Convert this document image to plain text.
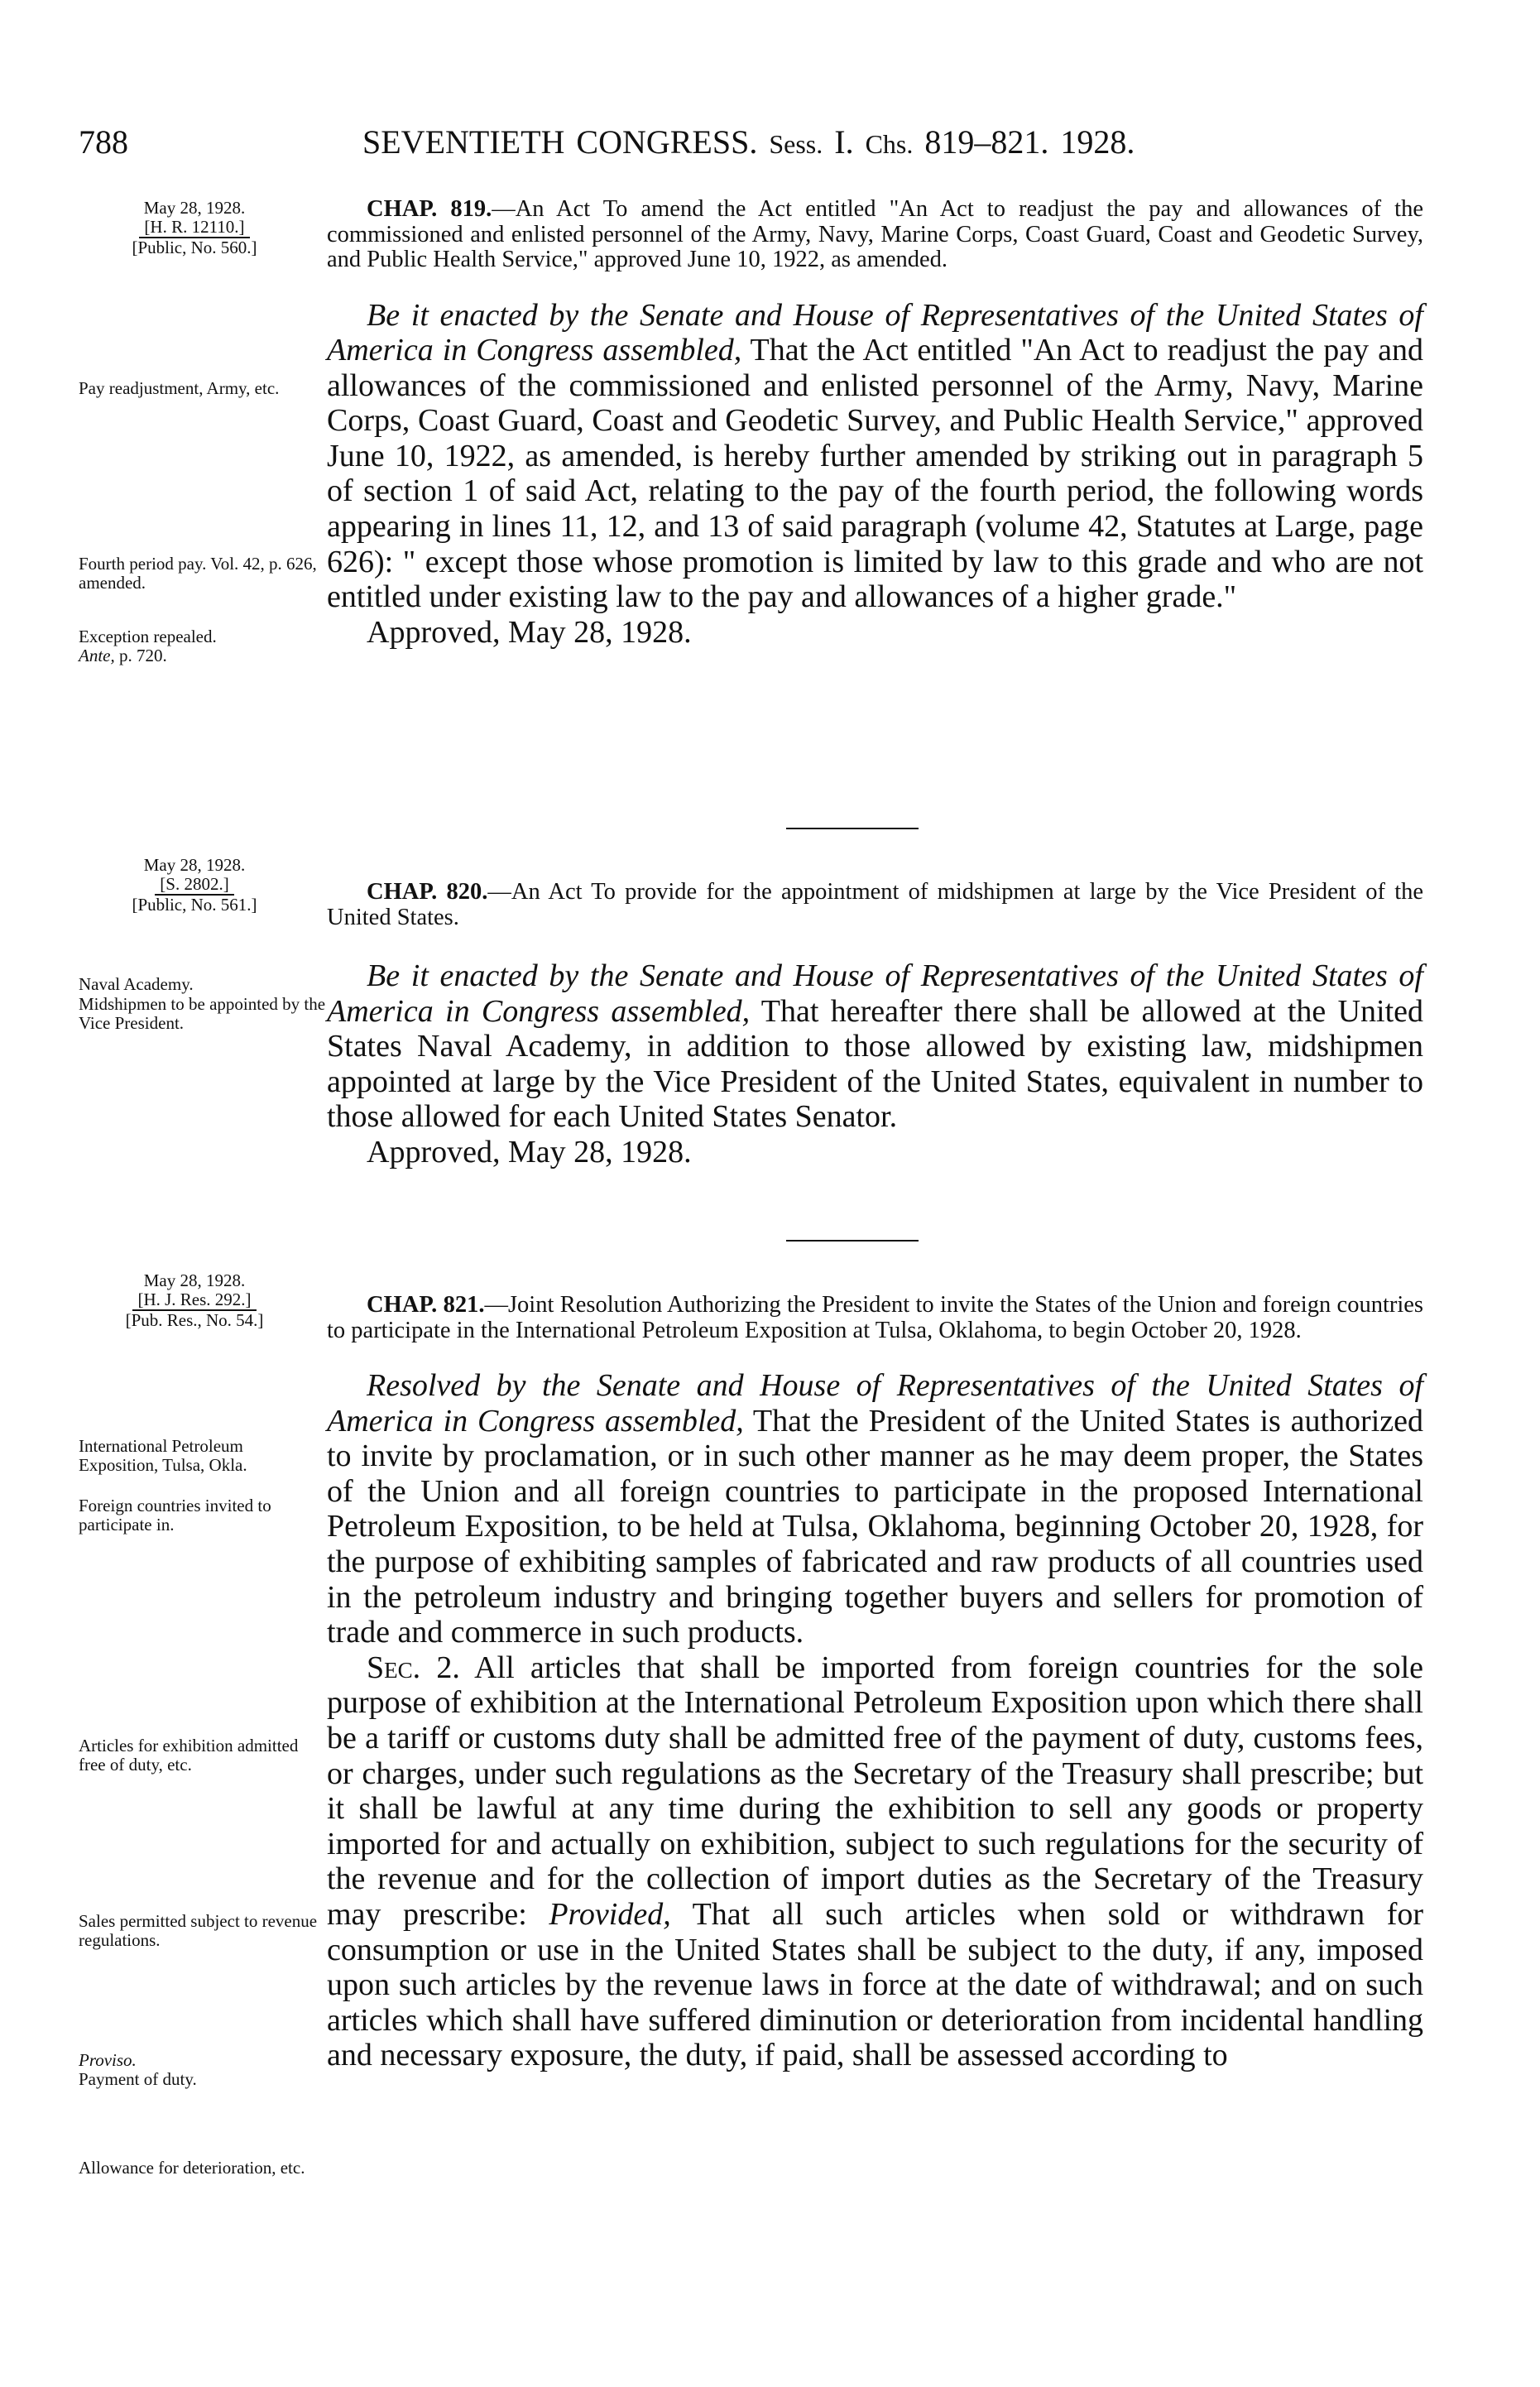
788	SEVENTIETH CONGRESS. Sess. I. Chs. 819–821. 1928.
May 28, 1928.
[H. R. 12110.]
[Public, No. 560.]

CHAP. 819.—An Act To amend the Act entitled "An Act to readjust the pay and allowances of the commissioned and enlisted personnel of the Army, Navy, Marine Corps, Coast Guard, Coast and Geodetic Survey, and Public Health Service," approved June 10, 1922, as amended.

Be it enacted by the Senate and House of Representatives of the United States of America in Congress assembled, That the Act entitled "An Act to readjust the pay and allowances of the commissioned and enlisted personnel of the Army, Navy, Marine Corps, Coast Guard, Coast and Geodetic Survey, and Public Health Service," approved June 10, 1922, as amended, is hereby further amended by striking out in paragraph 5 of section 1 of said Act, relating to the pay of the fourth period, the following words appearing in lines 11, 12, and 13 of said paragraph (volume 42, Statutes at Large, page 626): " except those whose promotion is limited by law to this grade and who are not entitled under existing law to the pay and allowances of a higher grade."

Approved, May 28, 1928.

Pay readjustment, Army, etc.
Fourth period pay. Vol. 42, p. 626, amended.
Exception repealed.
Ante, p. 720.
May 28, 1928.
[S. 2802.]
[Public, No. 561.]	CHAP. 820.—An Act To provide for the appointment of midshipmen at large by the Vice President of the United States.

Be it enacted by the Senate and House of Representatives of the United States of America in Congress assembled, That hereafter there shall be allowed at the United States Naval Academy, in addition to those allowed by existing law, midshipmen appointed at large by the Vice President of the United States, equivalent in number to those allowed for each United States Senator.

Approved, May 28, 1928.

Naval Academy.
Midshipmen to be appointed by the Vice President.
May 28, 1928.
[H. J. Res. 292.]
[Pub. Res., No. 54.]

CHAP. 821.—Joint Resolution Authorizing the President to invite the States of the Union and foreign countries to participate in the International Petroleum Exposition at Tulsa, Oklahoma, to begin October 20, 1928.

Resolved by the Senate and House of Representatives of the United States of America in Congress assembled, That the President of the United States is authorized to invite by proclamation, or in such other manner as he may deem proper, the States of the Union and all foreign countries to participate in the proposed International Petroleum Exposition, to be held at Tulsa, Oklahoma, beginning October 20, 1928, for the purpose of exhibiting samples of fabricated and raw products of all countries used in the petroleum industry and bringing together buyers and sellers for promotion of trade and commerce in such products.

Sec. 2. All articles that shall be imported from foreign countries for the sole purpose of exhibition at the International Petroleum Exposition upon which there shall be a tariff or customs duty shall be admitted free of the payment of duty, customs fees, or charges, under such regulations as the Secretary of the Treasury shall prescribe; but it shall be lawful at any time during the exhibition to sell any goods or property imported for and actually on exhibition, subject to such regulations for the security of the revenue and for the collection of import duties as the Secretary of the Treasury may prescribe: Provided, That all such articles when sold or withdrawn for consumption or use in the United States shall be subject to the duty, if any, imposed upon such articles by the revenue laws in force at the date of withdrawal; and on such articles which shall have suffered diminution or deterioration from incidental handling and necessary exposure, the duty, if paid, shall be assessed according to

International Petroleum Exposition, Tulsa, Okla.
Foreign countries invited to participate in.
Articles for exhibition admitted free of duty, etc.
Sales permitted subject to revenue regulations.
Proviso.
Payment of duty.
Allowance for deterioration, etc.
